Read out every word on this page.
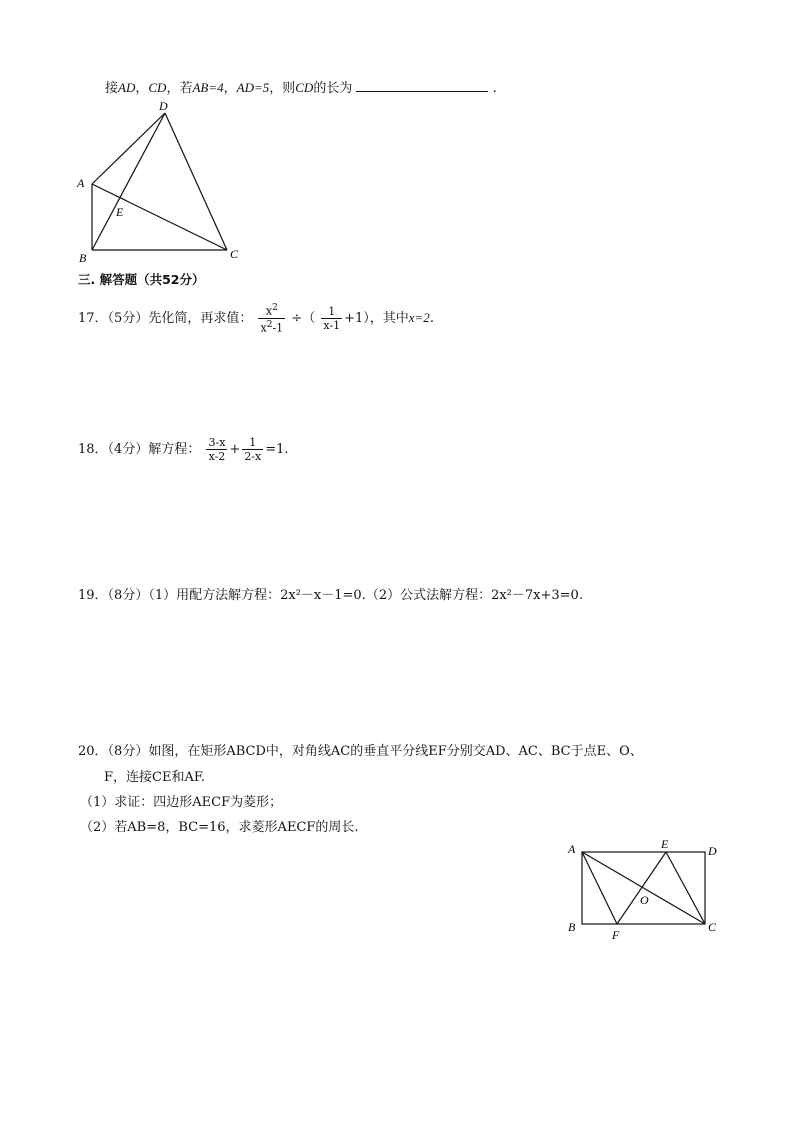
接AD，CD，若AB=4，AD=5，则CD的长为	.
D
A
E
B	C
三. 解答题（共52分）
17．（5分）先化简，再求值： $\frac{x^2}{x^2-1}$ ÷（ $\frac{1}{x-1} +1$），其中x=2.
18．（4分）解方程： $\frac{3-x}{x-2} + \frac{1}{2-x} =1$.
19．（8分）（1）用配方法解方程：2x²－x－1=0.（2）公式法解方程：2x²－7x+3=0.
20．（8分）如图，在矩形ABCD中，对角线AC的垂直平分线EF分别交AD、AC、BC于点E、O、
F，连接CE和AF.
（1）求证：四边形AECF为菱形；
（2）若AB=8，BC=16，求菱形AECF的周长.
A	E	D
O
B
F
C
